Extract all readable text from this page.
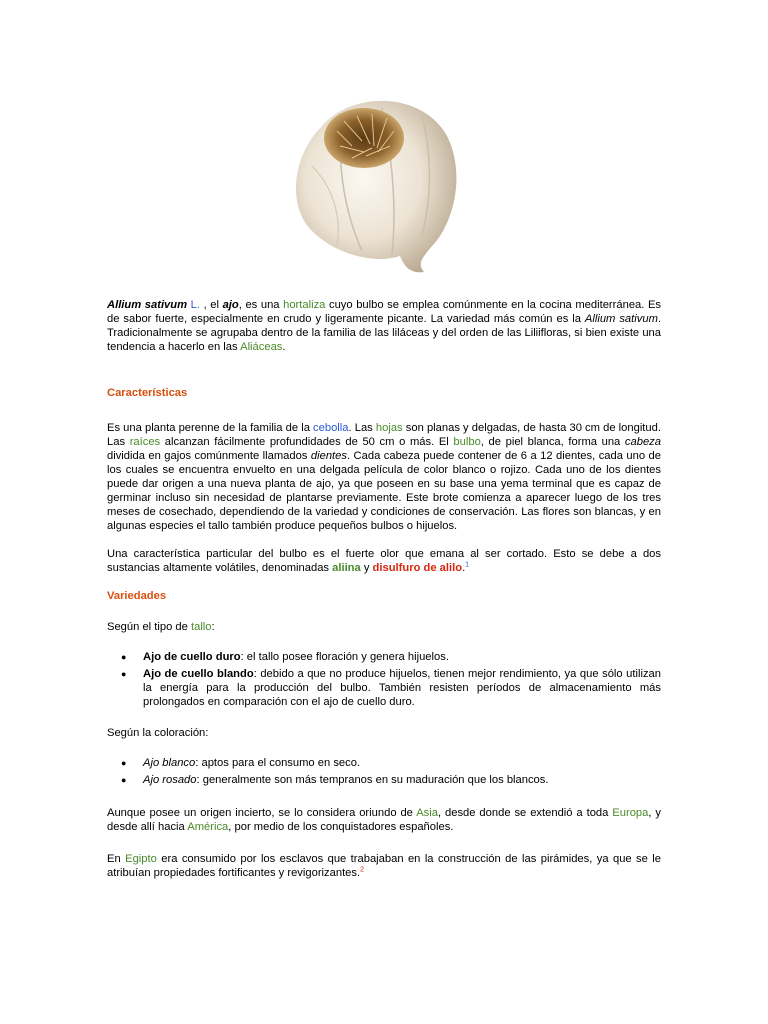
Allium sativum L. , el ajo, es una hortaliza cuyo bulbo se emplea comúnmente en la cocina mediterránea. Es de sabor fuerte, especialmente en crudo y ligeramente picante. La variedad más común es la Allium sativum. Tradicionalmente se agrupaba dentro de la familia de las liláceas y del orden de las Liliifloras, si bien existe una tendencia a hacerlo en las Aliáceas.

Características

Es una planta perenne de la familia de la cebolla. Las hojas son planas y delgadas, de hasta 30 cm de longitud. Las raíces alcanzan fácilmente profundidades de 50 cm o más. El bulbo, de piel blanca, forma una cabeza dividida en gajos comúnmente llamados dientes. Cada cabeza puede contener de 6 a 12 dientes, cada uno de los cuales se encuentra envuelto en una delgada película de color blanco o rojizo. Cada uno de los dientes puede dar origen a una nueva planta de ajo, ya que poseen en su base una yema terminal que es capaz de germinar incluso sin necesidad de plantarse previamente. Este brote comienza a aparecer luego de los tres meses de cosechado, dependiendo de la variedad y condiciones de conservación. Las flores son blancas, y en algunas especies el tallo también produce pequeños bulbos o hijuelos.

Una característica particular del bulbo es el fuerte olor que emana al ser cortado. Esto se debe a dos sustancias altamente volátiles, denominadas aliina y disulfuro de alilo.$^1$

Variedades

Según el tipo de tallo:

● Ajo de cuello duro: el tallo posee floración y genera hijuelos.
● Ajo de cuello blando: debido a que no produce hijuelos, tienen mejor rendimiento, ya que sólo utilizan la energía para la producción del bulbo. También resisten períodos de almacenamiento más prolongados en comparación con el ajo de cuello duro.

Según la coloración:

● Ajo blanco: aptos para el consumo en seco.
● Ajo rosado: generalmente son más tempranos en su maduración que los blancos.

Aunque posee un origen incierto, se lo considera oriundo de Asia, desde donde se extendió a toda Europa, y desde allí hacia América, por medio de los conquistadores españoles.

En Egipto era consumido por los esclavos que trabajaban en la construcción de las pirámides, ya que se le atribuían propiedades fortificantes y revigorizantes.$^2$
